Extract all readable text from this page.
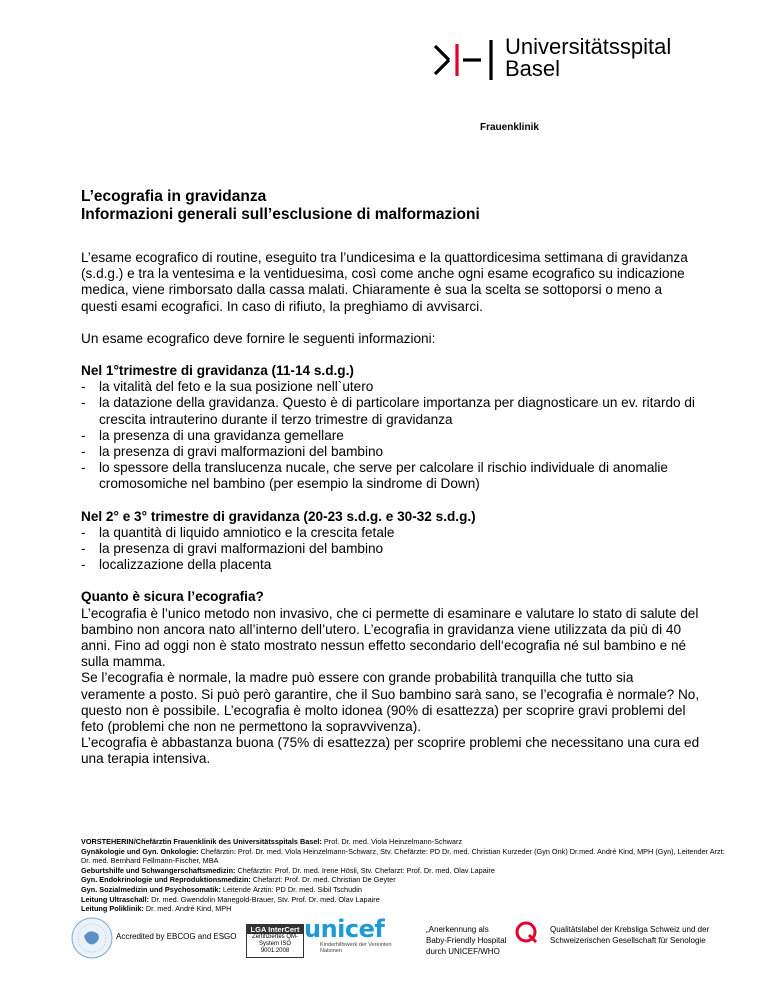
Universitätsspital
Basel
Frauenklinik
L’ecografia in gravidanza
Informazioni generali sull’esclusione di malformazioni

L’esame ecografico di routine, eseguito tra l’undicesima e la quattordicesima settimana di gravidanza (s.d.g.) e tra la ventesima e la ventiduesima, così come anche ogni esame ecografico su indicazione medica, viene rimborsato dalla cassa malati. Chiaramente è sua la scelta se sottoporsi o meno a questi esami ecografici. In caso di rifiuto, la preghiamo di avvisarci.

Un esame ecografico deve fornire le seguenti informazioni:

Nel 1°trimestre di gravidanza (11-14 s.d.g.)

- la vitalità del feto e la sua posizione nell`utero
- la datazione della gravidanza. Questo è di particolare importanza per diagnosticare un ev. ritardo di crescita intrauterino durante il terzo trimestre di gravidanza
- la presenza di una gravidanza gemellare
- la presenza di gravi malformazioni del bambino
- lo spessore della translucenza nucale, che serve per calcolare il rischio individuale di anomalie cromosomiche nel bambino (per esempio la sindrome di Down)

Nel 2° e 3° trimestre di gravidanza (20-23 s.d.g. e 30-32 s.d.g.)

- la quantità di liquido amniotico e la crescita fetale
- la presenza di gravi malformazioni del bambino
- localizzazione della placenta

Quanto è sicura l’ecografia?

L’ecografia è l’unico metodo non invasivo, che ci permette di esaminare e valutare lo stato di salute del bambino non ancora nato all’interno dell’utero. L’ecografia in gravidanza viene utilizzata da più di 40 anni. Fino ad oggi non è stato mostrato nessun effetto secondario dell‘ecografia né sul bambino e né sulla mamma.

Se l’ecografia è normale, la madre può essere con grande probabilità tranquilla che tutto sia veramente a posto. Si può però garantire, che il Suo bambino sarà sano, se l’ecografia è normale? No, questo non è possibile. L’ecografia è molto idonea (90% di esattezza) per scoprire gravi problemi del feto (problemi che non ne permettono la sopravvivenza).

L’ecografia è abbastanza buona (75% di esattezza) per scoprire problemi che necessitano una cura ed una terapia intensiva.

VORSTEHERIN/Chefärztin Frauenklinik des Universitätsspitals Basel: Prof. Dr. med. Viola Heinzelmann-Schwarz
Gynäkologie und Gyn. Onkologie: Chefärztin: Prof. Dr. med. Viola Heinzelmann-Schwarz, Stv. Chefärzte: PD Dr. med. Christian Kurzeder (Gyn Onk) Dr.med. André Kind, MPH (Gyn), Leitender Arzt: Dr. med. Bernhard Fellmann-Fischer, MBA
Geburtshilfe und Schwangerschaftsmedizin: Chefärztin: Prof. Dr. med. Irene Hösli, Stv. Chefarzt: Prof. Dr. med. Olav Lapaire
Gyn. Endokrinologie und Reproduktionsmedizin: Chefarzt: Prof. Dr. med. Christian De Geyter
Gyn. Sozialmedizin und Psychosomatik: Leitende Ärztin: PD Dr. med. Sibil Tschudin
Leitung Ultraschall: Dr. med. Gwendolin Manegold-Brauer, Stv. Prof. Dr. med. Olav Lapaire
Leitung Poliklinik: Dr. med. André Kind, MPH
Accredited by EBCOG and ESGO
LGA InterCert
Zertifiziertes QM-System ISO 9001:2008
unicef
Kinderhilfswerk der Vereinten Nationen
„Anerkennung als Baby-Friendly Hospital durch UNICEF/WHO
Qualitätslabel der Krebsliga Schweiz und der Schweizerischen Gesellschaft für Senologie
